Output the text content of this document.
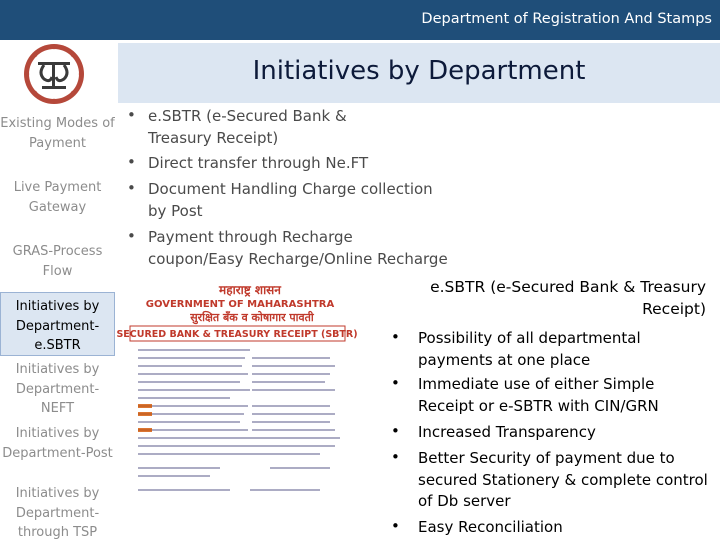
Department of Registration And Stamps
Initiatives by Department
Existing Modes of Payment
Live Payment Gateway
GRAS-Process Flow
Initiatives by Department-e.SBTR
Initiatives by Department-NEFT
Initiatives by Department-Post
Initiatives by Department-through TSP
• e.SBTR (e-Secured Bank & Treasury Receipt)
• Direct transfer through Ne.FT
• Document Handling Charge collection by Post
• Payment through Recharge coupon/Easy Recharge/Online Recharge
महाराष्ट्र शासन
GOVERNMENT OF MAHARASHTRA
सुरक्षित बँक व कोषागार पावती
SECURED BANK & TREASURY RECEIPT (SBTR)
e.SBTR (e-Secured Bank & Treasury Receipt)
• Possibility of all departmental payments at one place
• Immediate use of either Simple Receipt or e-SBTR with CIN/GRN
• Increased Transparency
• Better Security of payment due to secured Stationery & complete control of Db server
• Easy Reconciliation
